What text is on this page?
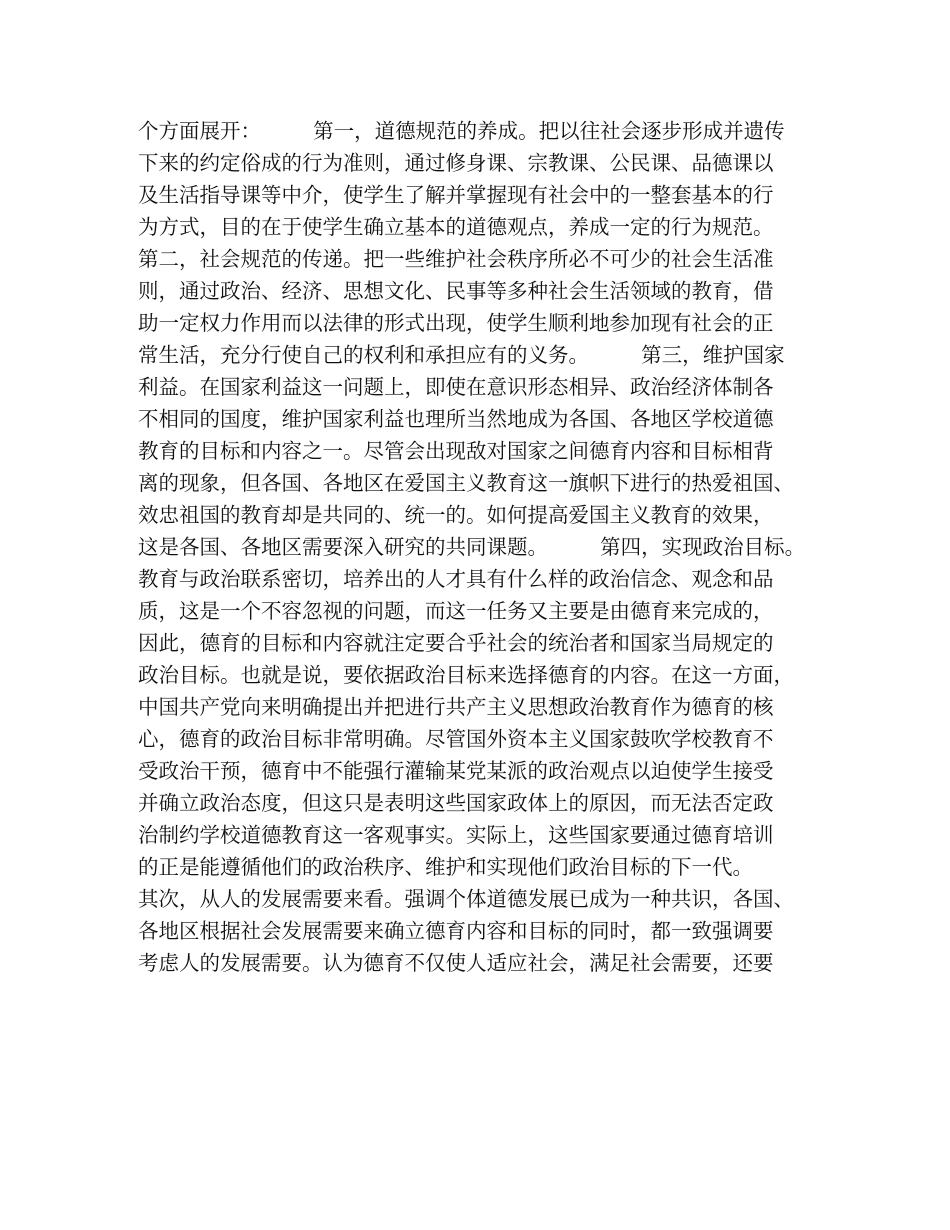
个方面展开：        第一，道德规范的养成。把以往社会逐步形成并遗传
下来的约定俗成的行为准则，通过修身课、宗教课、公民课、品德课以
及生活指导课等中介，使学生了解并掌握现有社会中的一整套基本的行
为方式，目的在于使学生确立基本的道德观点，养成一定的行为规范。
第二，社会规范的传递。把一些维护社会秩序所必不可少的社会生活准
则，通过政治、经济、思想文化、民事等多种社会生活领域的教育，借
助一定权力作用而以法律的形式出现，使学生顺利地参加现有社会的正
常生活，充分行使自己的权利和承担应有的义务。        第三，维护国家
利益。在国家利益这一问题上，即使在意识形态相异、政治经济体制各
不相同的国度，维护国家利益也理所当然地成为各国、各地区学校道德
教育的目标和内容之一。尽管会出现敌对国家之间德育内容和目标相背
离的现象，但各国、各地区在爱国主义教育这一旗帜下进行的热爱祖国、
效忠祖国的教育却是共同的、统一的。如何提高爱国主义教育的效果，
这是各国、各地区需要深入研究的共同课题。        第四，实现政治目标。
教育与政治联系密切，培养出的人才具有什么样的政治信念、观念和品
质，这是一个不容忽视的问题，而这一任务又主要是由德育来完成的，
因此，德育的目标和内容就注定要合乎社会的统治者和国家当局规定的
政治目标。也就是说，要依据政治目标来选择德育的内容。在这一方面，
中国共产党向来明确提出并把进行共产主义思想政治教育作为德育的核
心，德育的政治目标非常明确。尽管国外资本主义国家鼓吹学校教育不
受政治干预，德育中不能强行灌输某党某派的政治观点以迫使学生接受
并确立政治态度，但这只是表明这些国家政体上的原因，而无法否定政
治制约学校道德教育这一客观事实。实际上，这些国家要通过德育培训
的正是能遵循他们的政治秩序、维护和实现他们政治目标的下一代。
其次，从人的发展需要来看。强调个体道德发展已成为一种共识，各国、
各地区根据社会发展需要来确立德育内容和目标的同时，都一致强调要
考虑人的发展需要。认为德育不仅使人适应社会，满足社会需要，还要
